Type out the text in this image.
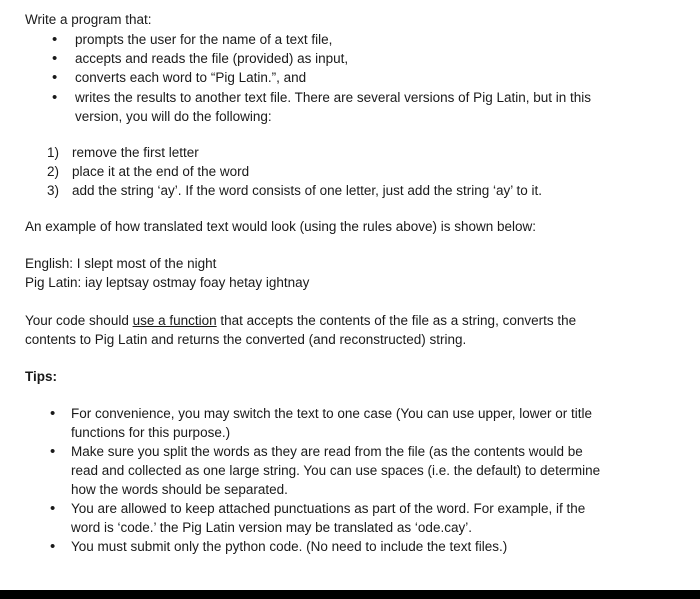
Write a program that:
• prompts the user for the name of a text file,
• accepts and reads the file (provided) as input,
• converts each word to “Pig Latin.”, and
• writes the results to another text file. There are several versions of Pig Latin, but in this
version, you will do the following:
1) remove the first letter
2) place it at the end of the word
3) add the string ‘ay’. If the word consists of one letter, just add the string ‘ay’ to it.
An example of how translated text would look (using the rules above) is shown below:
English: I slept most of the night
Pig Latin: iay leptsay ostmay foay hetay ightnay
Your code should use a function that accepts the contents of the file as a string, converts the
contents to Pig Latin and returns the converted (and reconstructed) string.
Tips:
• For convenience, you may switch the text to one case (You can use upper, lower or title
functions for this purpose.)
• Make sure you split the words as they are read from the file (as the contents would be
read and collected as one large string. You can use spaces (i.e. the default) to determine
how the words should be separated.
• You are allowed to keep attached punctuations as part of the word. For example, if the
word is ‘code.’ the Pig Latin version may be translated as ‘ode.cay’.
• You must submit only the python code. (No need to include the text files.)
